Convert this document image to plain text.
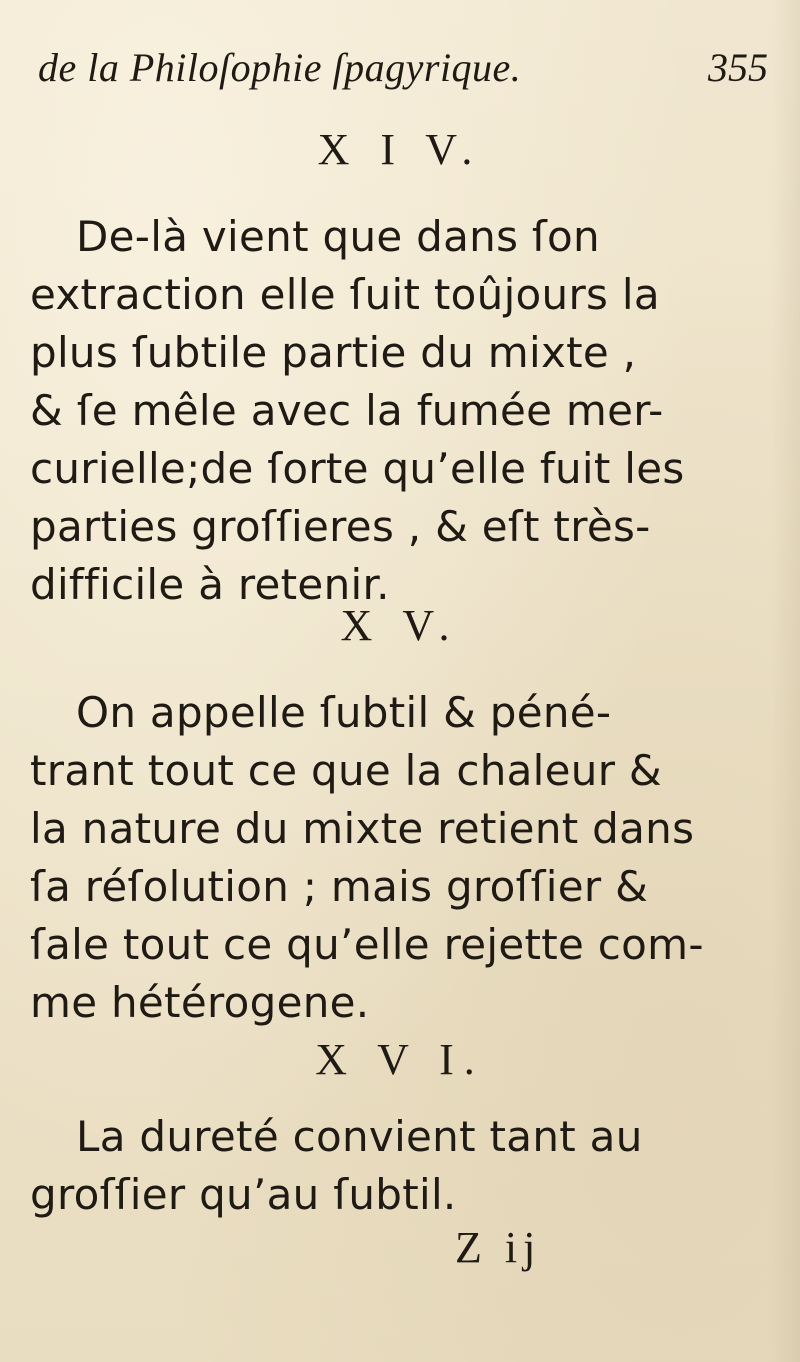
de la Philoſophie ſpagyrique.	355
X I V.

De-là vient que dans ſon
extraction elle ſuit toûjours la
plus ſubtile partie du mixte ,
& ſe mêle avec la fumée mer-
curielle;de ſorte qu’elle fuit les
parties groſſieres , & eſt très-
difficile à retenir.

X V.

On appelle ſubtil & péné-
trant tout ce que la chaleur &
la nature du mixte retient dans
ſa réſolution ; mais groſſier &
ſale tout ce qu’elle rejette com-
me hétérogene.

X V I.

La dureté convient tant au
groſſier qu’au ſubtil.

Z ij
